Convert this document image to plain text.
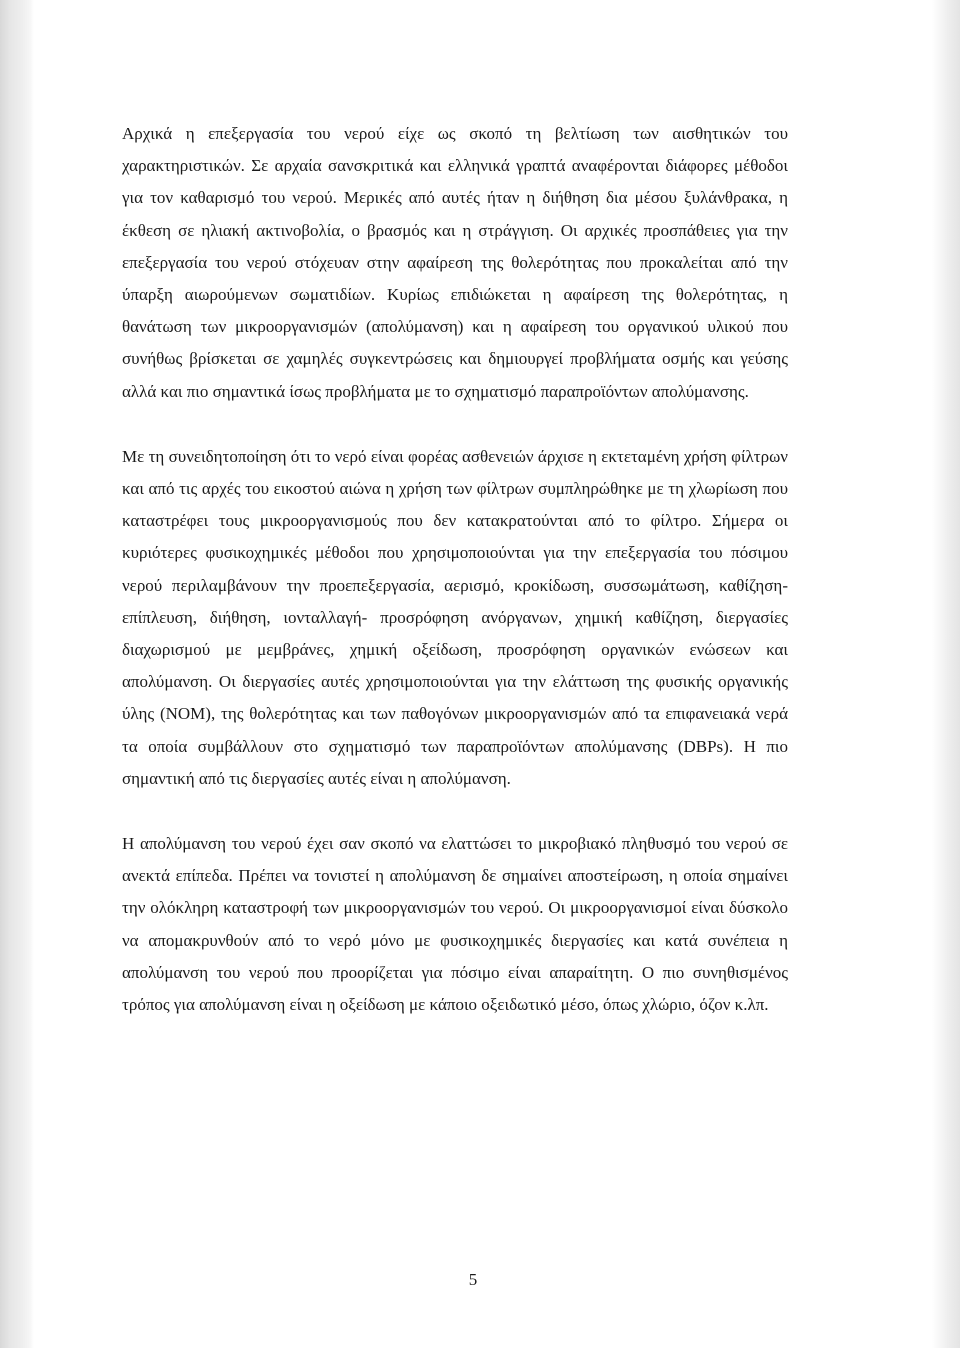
Αρχικά η επεξεργασία του νερού είχε ως σκοπό τη βελτίωση των αισθητικών του χαρακτηριστικών. Σε αρχαία σανσκριτικά και ελληνικά γραπτά αναφέρονται διάφορες μέθοδοι για τον καθαρισμό του νερού. Μερικές από αυτές ήταν η διήθηση δια μέσου ξυλάνθρακα, η έκθεση σε ηλιακή ακτινοβολία, ο βρασμός και η στράγγιση. Οι αρχικές προσπάθειες για την επεξεργασία του νερού στόχευαν στην αφαίρεση της θολερότητας που προκαλείται από την ύπαρξη αιωρούμενων σωματιδίων. Κυρίως επιδιώκεται η αφαίρεση της θολερότητας, η θανάτωση των μικροοργανισμών (απολύμανση) και η αφαίρεση του οργανικού υλικού που συνήθως βρίσκεται σε χαμηλές συγκεντρώσεις και δημιουργεί προβλήματα οσμής και γεύσης αλλά και πιο σημαντικά ίσως προβλήματα με το σχηματισμό παραπροϊόντων απολύμανσης.

Με τη συνειδητοποίηση ότι το νερό είναι φορέας ασθενειών άρχισε η εκτεταμένη χρήση φίλτρων και από τις αρχές του εικοστού αιώνα η χρήση των φίλτρων συμπληρώθηκε με τη χλωρίωση που καταστρέφει τους μικροοργανισμούς που δεν κατακρατούνται από το φίλτρο. Σήμερα οι κυριότερες φυσικοχημικές μέθοδοι που χρησιμοποιούνται για την επεξεργασία του πόσιμου νερού περιλαμβάνουν την προεπεξεργασία, αερισμό, κροκίδωση, συσσωμάτωση, καθίζηση- επίπλευση, διήθηση, ιονταλλαγή- προσρόφηση ανόργανων, χημική καθίζηση, διεργασίες διαχωρισμού με μεμβράνες, χημική οξείδωση, προσρόφηση οργανικών ενώσεων και απολύμανση. Οι διεργασίες αυτές χρησιμοποιούνται για την ελάττωση της φυσικής οργανικής ύλης (NOM), της θολερότητας και των παθογόνων μικροοργανισμών από τα επιφανειακά νερά τα οποία συμβάλλουν στο σχηματισμό των παραπροϊόντων απολύμανσης (DBPs). Η πιο σημαντική από τις διεργασίες αυτές είναι η απολύμανση.

Η απολύμανση του νερού έχει σαν σκοπό να ελαττώσει το μικροβιακό πληθυσμό του νερού σε ανεκτά επίπεδα. Πρέπει να τονιστεί η απολύμανση δε σημαίνει αποστείρωση, η οποία σημαίνει την ολόκληρη καταστροφή των μικροοργανισμών του νερού. Οι μικροοργανισμοί είναι δύσκολο να απομακρυνθούν από το νερό μόνο με φυσικοχημικές διεργασίες και κατά συνέπεια η απολύμανση του νερού που προορίζεται για πόσιμο είναι απαραίτητη. Ο πιο συνηθισμένος τρόπος για απολύμανση είναι η οξείδωση με κάποιο οξειδωτικό μέσο, όπως χλώριο, όζον κ.λπ.

5
